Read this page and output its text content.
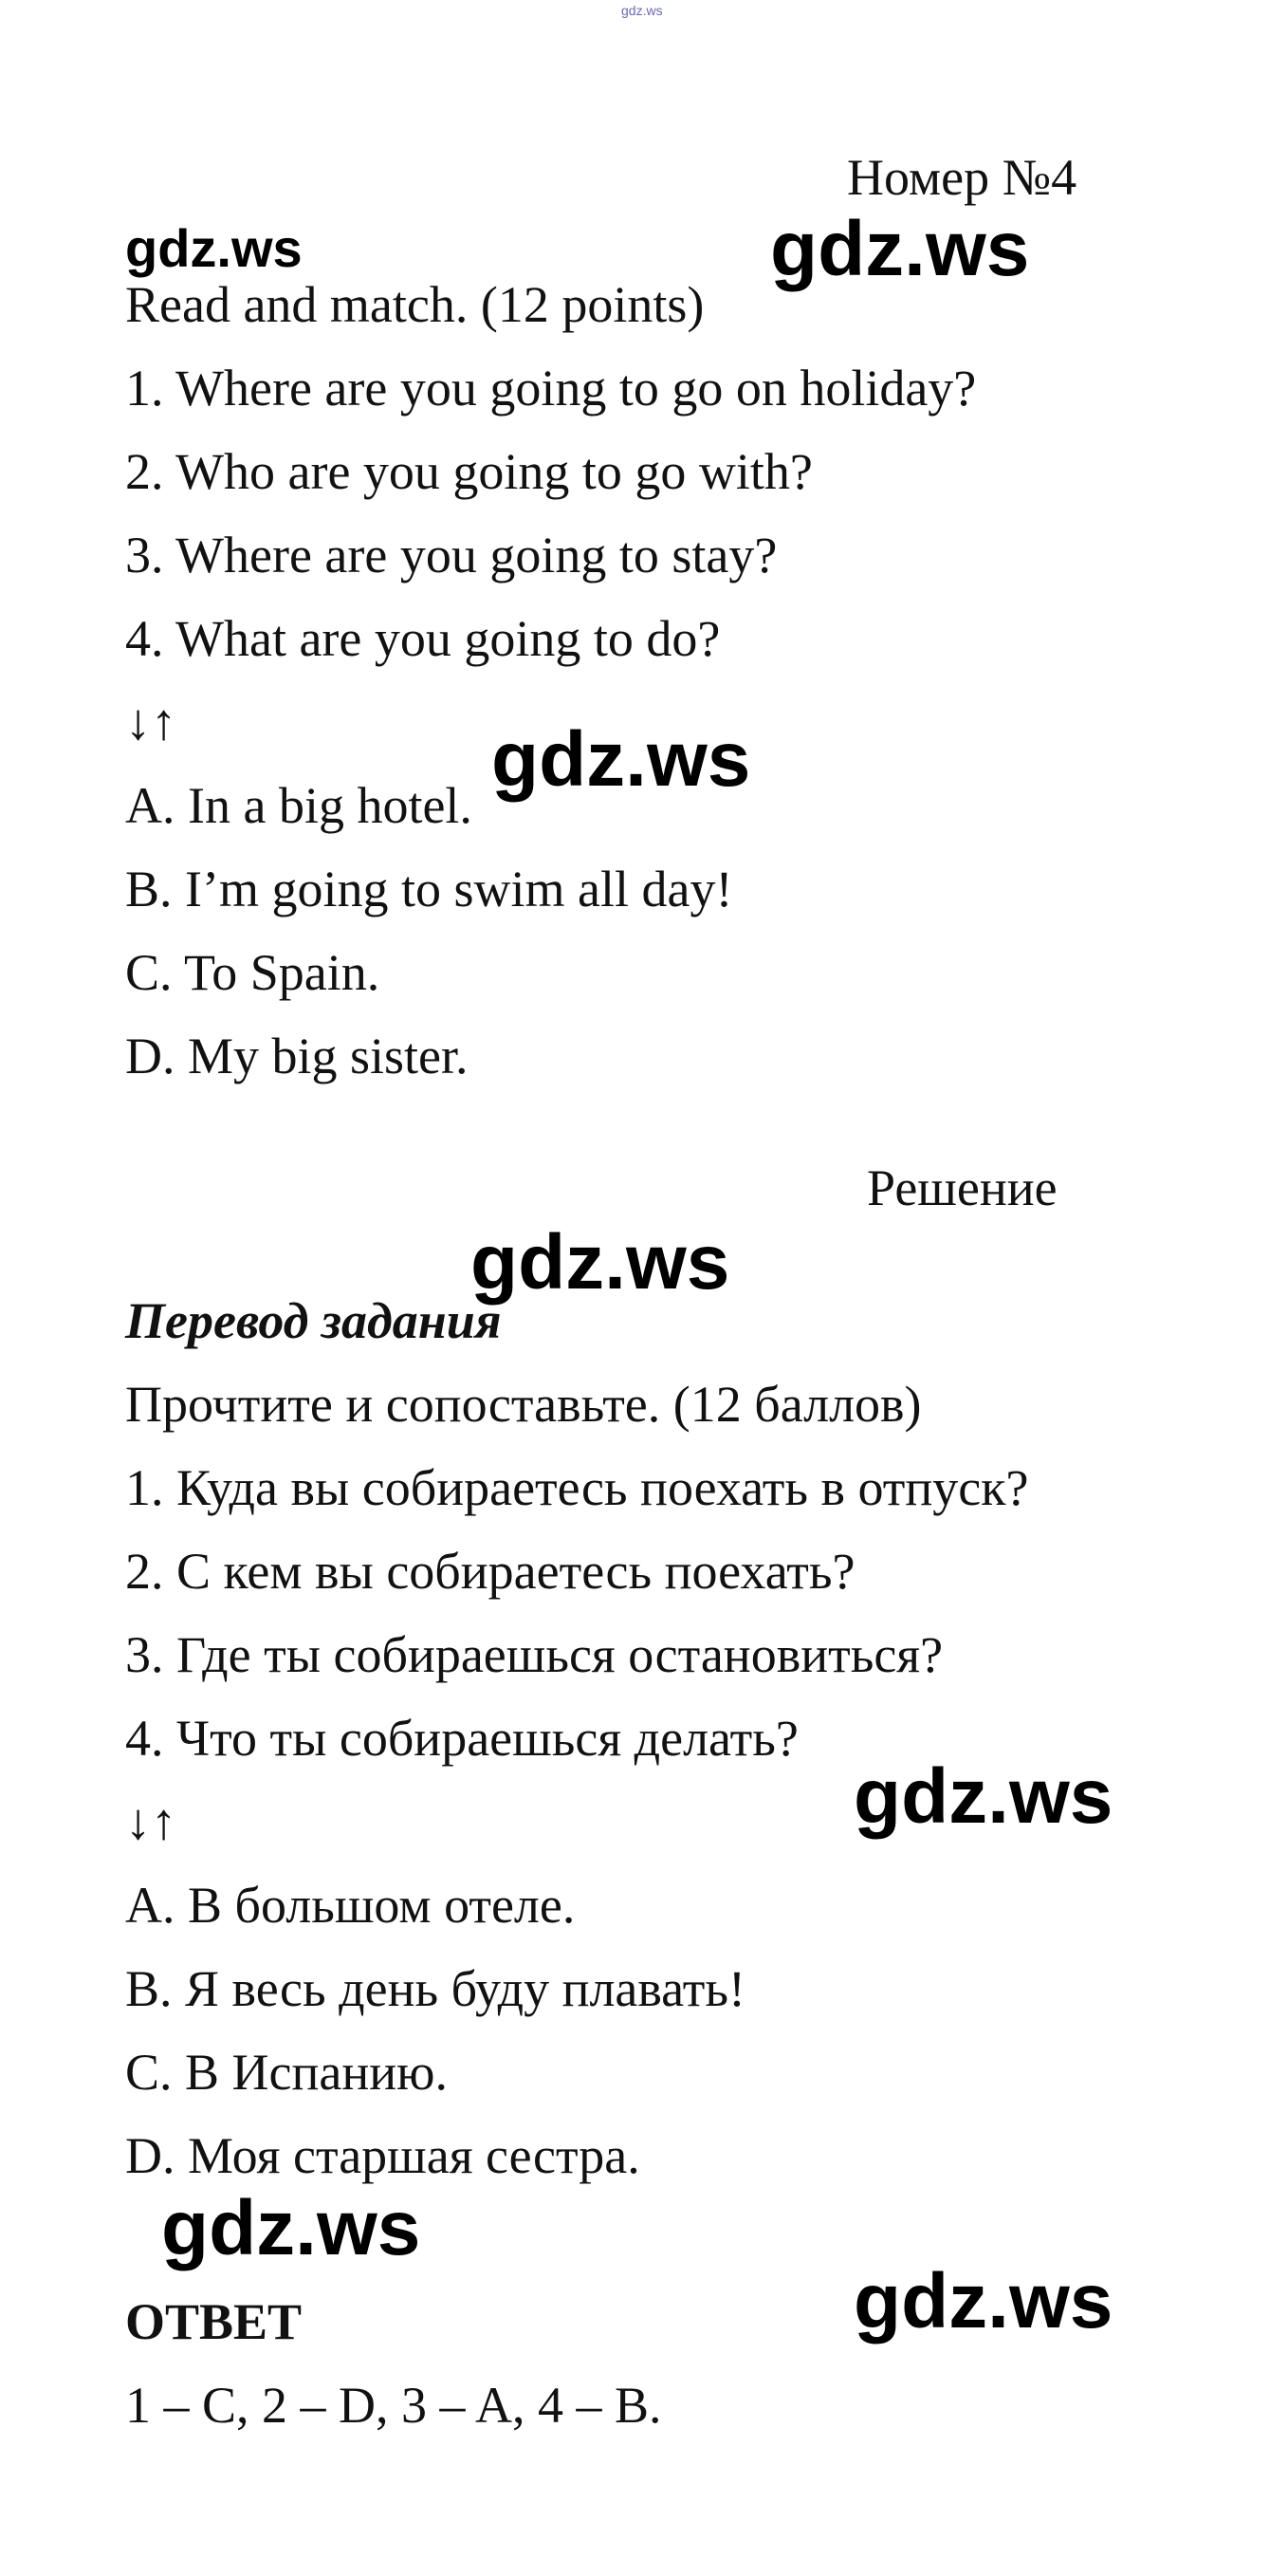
gdz.ws
Номер №4
gdz.ws	gdz.ws
Read and match. (12 points)
1. Where are you going to go on holiday?
2. Who are you going to go with?
3. Where are you going to stay?
4. What are you going to do?
↓↑	gdz.ws
A. In a big hotel.
B. I’m going to swim all day!
C. To Spain.
D. My big sister.
Решение
gdz.ws
Перевод задания
Прочтите и сопоставьте. (12 баллов)
1. Куда вы собираетесь поехать в отпуск?
2. С кем вы собираетесь поехать?
3. Где ты собираешься остановиться?
4. Что ты собираешься делать?
gdz.ws
↓↑
A. В большом отеле.
B. Я весь день буду плавать!
C. В Испанию.
D. Моя старшая сестра.
gdz.ws
gdz.ws
ОТВЕТ
1 – C, 2 – D, 3 – A, 4 – B.
